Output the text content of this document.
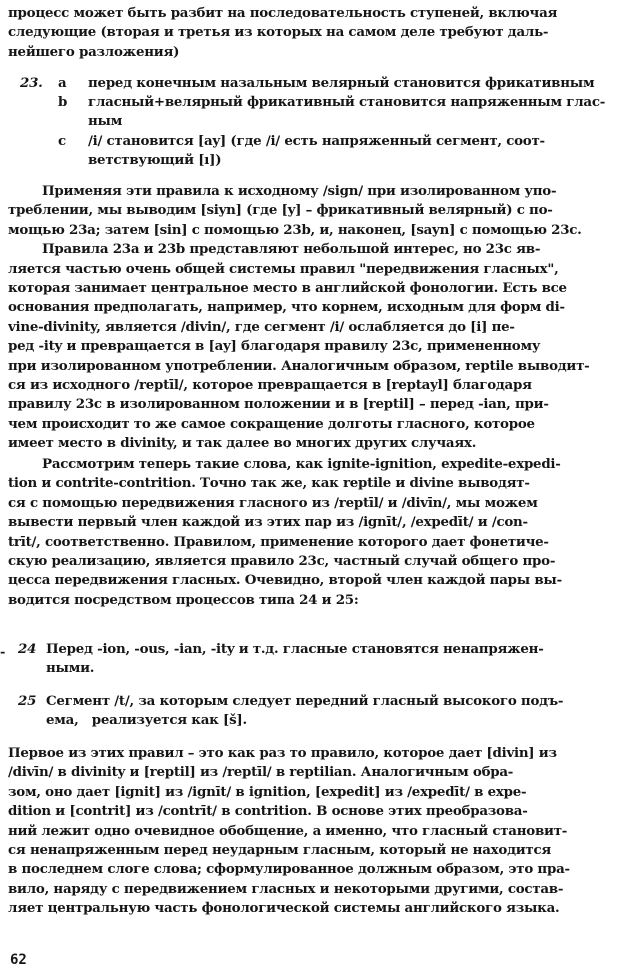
процесс может быть разбит на последовательность ступеней, включая
следующие (вторая и третья из которых на самом деле требуют даль-
нейшего разложения)
23. a	перед конечным назальным велярный становится фрикативным
b	гласный+велярный фрикативный становится напряженным глас-
ным
c	/i/ становится [ay] (где /i/ есть напряженный сегмент, соот-
ветствующий [ı])
Применяя эти правила к исходному /sign/ при изолированном упо-
треблении, мы выводим [siyn] (где [y] – фрикативный велярный) с по-
мощью 23a; затем [sin] с помощью 23b, и, наконец, [sayn] с помощью 23c.
Правила 23a и 23b представляют небольшой интерес, но 23c яв-
ляется частью очень общей системы правил "передвижения гласных",
которая занимает центральное место в английской фонологии. Есть все
основания предполагать, например, что корнем, исходным для форм di-
vine-divinity, является /divin/, где сегмент /i/ ослабляется до [i] пе-
ред -ity и превращается в [ay] благодаря правилу 23c, примененному
при изолированном употреблении. Аналогичным образом, reptile выводит-
ся из исходного /reptīl/, которое превращается в [reptayl] благодаря
правилу 23c в изолированном положении и в [reptil] – перед -ian, при-
чем происходит то же самое сокращение долготы гласного, которое
имеет место в divinity, и так далее во многих других случаях.
Рассмотрим теперь такие слова, как ignite-ignition, expedite-expedi-
tion и contrite-contrition. Точно так же, как reptile и divine выводят-
ся с помощью передвижения гласного из /reptīl/ и /divīn/, мы можем
вывести первый член каждой из этих пар из /ignīt/, /expedīt/ и /con-
trīt/, соответственно. Правилом, применение которого дает фонетиче-
скую реализацию, является правило 23c, частный случай общего про-
цесса передвижения гласных. Очевидно, второй член каждой пары вы-
водится посредством процессов типа 24 и 25:
- 24 Перед -ion, -ous, -ian, -ity и т.д. гласные становятся ненапряжен-
ными.
25 Сегмент /t/, за которым следует передний гласный высокого подъ-
ема,   реализуется как [š].
Первое из этих правил – это как раз то правило, которое дает [divin] из
/divīn/ в divinity и [reptil] из /reptīl/ в reptilian. Аналогичным обра-
зом, оно дает [ignit] из /ignīt/ в ignition, [expedit] из /expedīt/ в expe-
dition и [contrit] из /contrīt/ в contrition. В основе этих преобразова-
ний лежит одно очевидное обобщение, а именно, что гласный становит-
ся ненапряженным перед неударным гласным, который не находится
в последнем слоге слова; сформулированное должным образом, это пра-
вило, наряду с передвижением гласных и некоторыми другими, состав-
ляет центральную часть фонологической системы английского языка.
62
